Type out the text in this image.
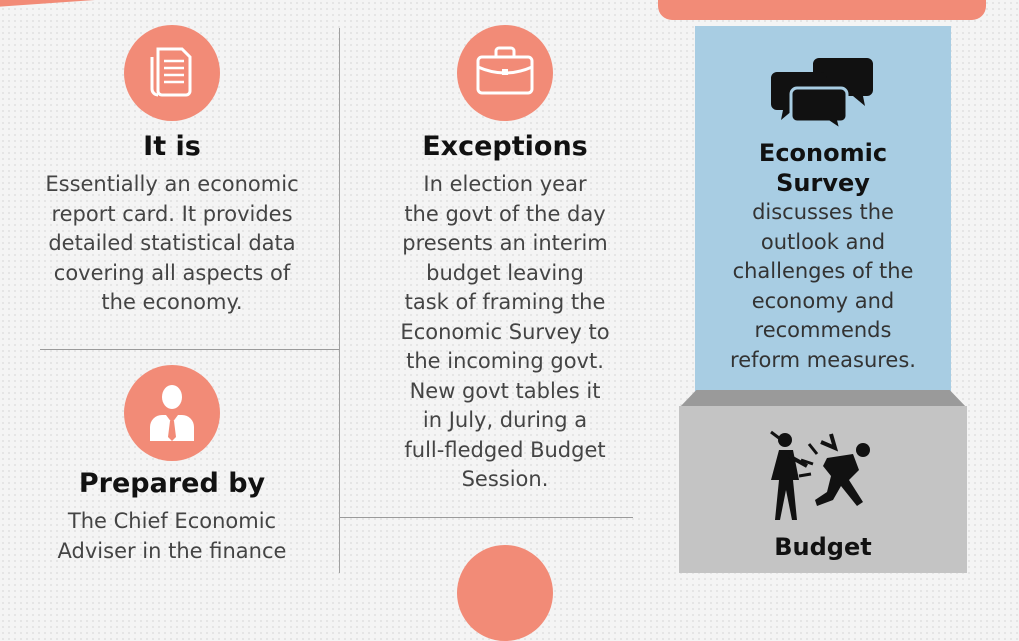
It is
Essentially an economic
report card. It provides
detailed statistical data
covering all aspects of
the economy.
Prepared by
The Chief Economic
Adviser in the finance
Exceptions
In election year
the govt of the day
presents an interim
budget leaving
task of framing the
Economic Survey to
the incoming govt.
New govt tables it
in July, during a
full-fledged Budget
Session.
Economic
Survey
discusses the
outlook and
challenges of the
economy and
recommends
reform measures.
Budget
